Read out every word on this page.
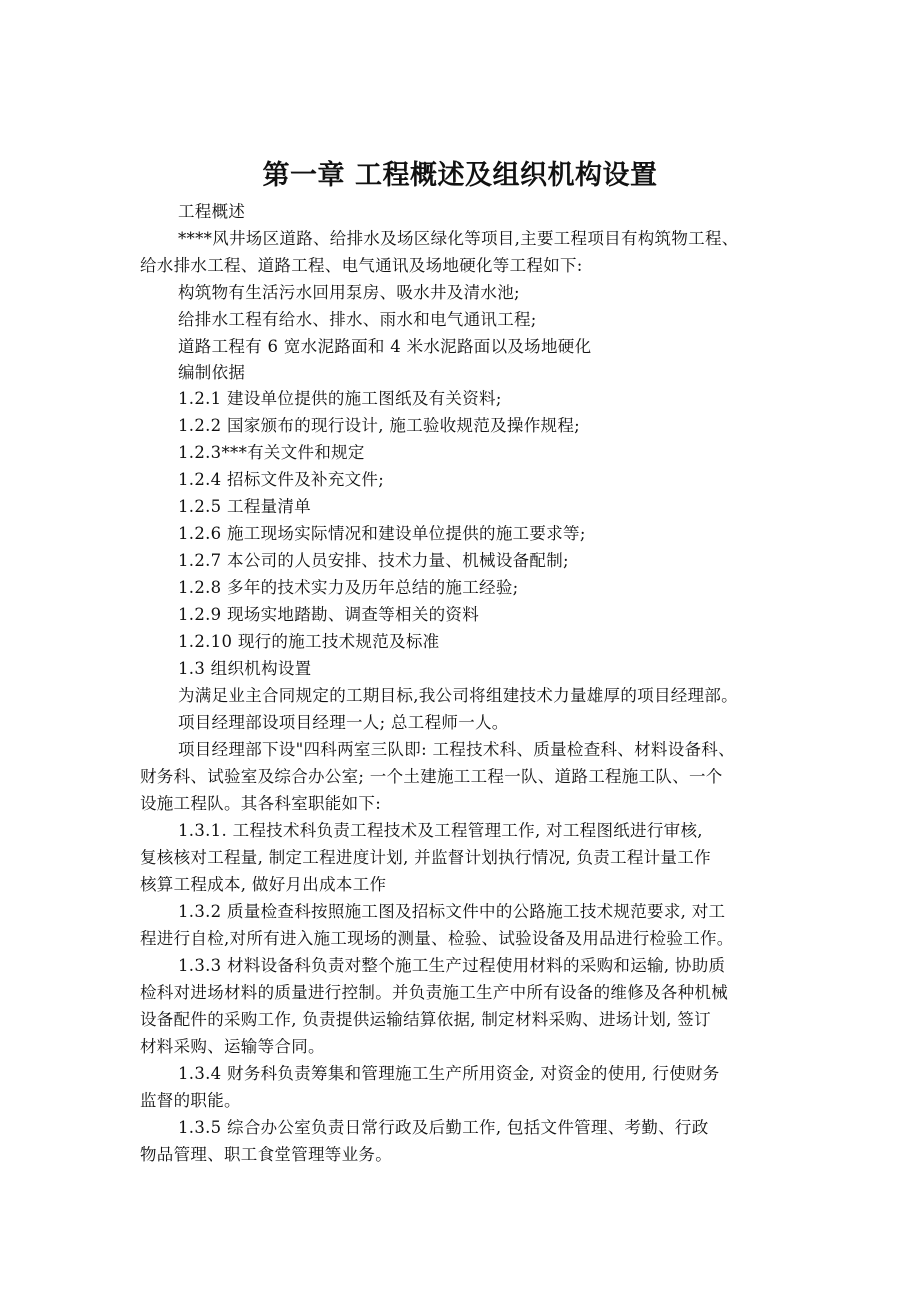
第一章 工程概述及组织机构设置
工程概述
****风井场区道路、给排水及场区绿化等项目,主要工程项目有构筑物工程、
给水排水工程、道路工程、电气通讯及场地硬化等工程如下:
构筑物有生活污水回用泵房、吸水井及清水池;
给排水工程有给水、排水、雨水和电气通讯工程;
道路工程有 6 宽水泥路面和 4 米水泥路面以及场地硬化
编制依据
1.2.1 建设单位提供的施工图纸及有关资料;
1.2.2 国家颁布的现行设计, 施工验收规范及操作规程;
1.2.3***有关文件和规定
1.2.4 招标文件及补充文件;
1.2.5 工程量清单
1.2.6 施工现场实际情况和建设单位提供的施工要求等;
1.2.7 本公司的人员安排、技术力量、机械设备配制;
1.2.8 多年的技术实力及历年总结的施工经验;
1.2.9 现场实地踏勘、调查等相关的资料
1.2.10 现行的施工技术规范及标准
1.3 组织机构设置
为满足业主合同规定的工期目标,我公司将组建技术力量雄厚的项目经理部。
项目经理部设项目经理一人; 总工程师一人。
项目经理部下设"四科两室三队即: 工程技术科、质量检查科、材料设备科、
财务科、试验室及综合办公室; 一个土建施工工程一队、道路工程施工队、一个
设施工程队。其各科室职能如下:
1.3.1. 工程技术科负责工程技术及工程管理工作, 对工程图纸进行审核,
复核核对工程量, 制定工程进度计划, 并监督计划执行情况, 负责工程计量工作
核算工程成本, 做好月出成本工作
1.3.2 质量检查科按照施工图及招标文件中的公路施工技术规范要求, 对工
程进行自检,对所有进入施工现场的测量、检验、试验设备及用品进行检验工作。
1.3.3 材料设备科负责对整个施工生产过程使用材料的采购和运输, 协助质
检科对进场材料的质量进行控制。并负责施工生产中所有设备的维修及各种机械
设备配件的采购工作, 负责提供运输结算依据, 制定材料采购、进场计划, 签订
材料采购、运输等合同。
1.3.4 财务科负责筹集和管理施工生产所用资金, 对资金的使用, 行使财务
监督的职能。
1.3.5 综合办公室负责日常行政及后勤工作, 包括文件管理、考勤、行政
物品管理、职工食堂管理等业务。
